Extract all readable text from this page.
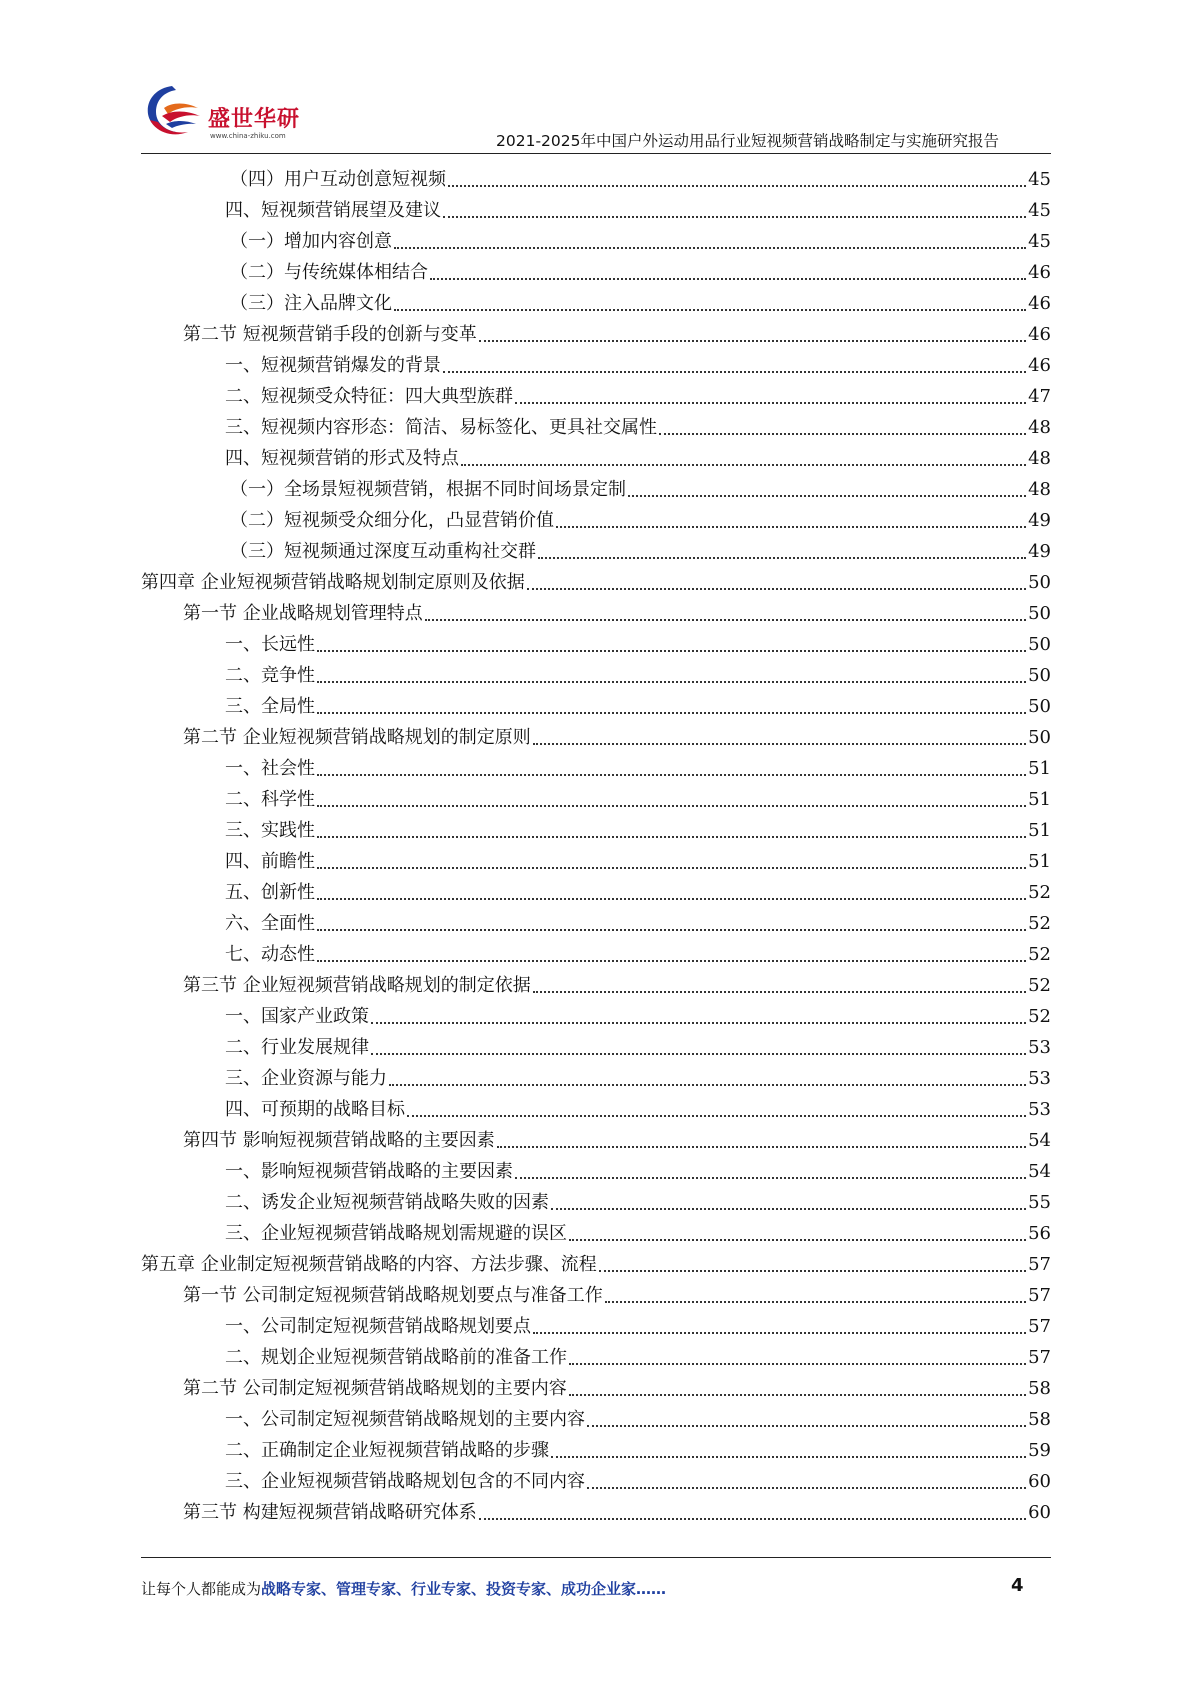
盛世华研
www.china-zhiku.com	2021-2025年中国户外运动用品行业短视频营销战略制定与实施研究报告
（四）用户互动创意短视频	45
四、短视频营销展望及建议	45
（一）增加内容创意	45
（二）与传统媒体相结合	46
（三）注入品牌文化	46
第二节 短视频营销手段的创新与变革	46
一、短视频营销爆发的背景	46
二、短视频受众特征：四大典型族群	47
三、短视频内容形态：简洁、易标签化、更具社交属性	48
四、短视频营销的形式及特点	48
（一）全场景短视频营销，根据不同时间场景定制	48
（二）短视频受众细分化，凸显营销价值	49
（三）短视频通过深度互动重构社交群	49
第四章 企业短视频营销战略规划制定原则及依据	50
第一节 企业战略规划管理特点	50
一、长远性	50
二、竞争性	50
三、全局性	50
第二节 企业短视频营销战略规划的制定原则	50
一、社会性	51
二、科学性	51
三、实践性	51
四、前瞻性	51
五、创新性	52
六、全面性	52
七、动态性	52
第三节 企业短视频营销战略规划的制定依据	52
一、国家产业政策	52
二、行业发展规律	53
三、企业资源与能力	53
四、可预期的战略目标	53
第四节 影响短视频营销战略的主要因素	54
一、影响短视频营销战略的主要因素	54
二、诱发企业短视频营销战略失败的因素	55
三、企业短视频营销战略规划需规避的误区	56
第五章 企业制定短视频营销战略的内容、方法步骤、流程	57
第一节 公司制定短视频营销战略规划要点与准备工作	57
一、公司制定短视频营销战略规划要点	57
二、规划企业短视频营销战略前的准备工作	57
第二节 公司制定短视频营销战略规划的主要内容	58
一、公司制定短视频营销战略规划的主要内容	58
二、正确制定企业短视频营销战略的步骤	59
三、企业短视频营销战略规划包含的不同内容	60
第三节 构建短视频营销战略研究体系	60
让每个人都能成为战略专家、管理专家、行业专家、投资专家、成功企业家……	4
